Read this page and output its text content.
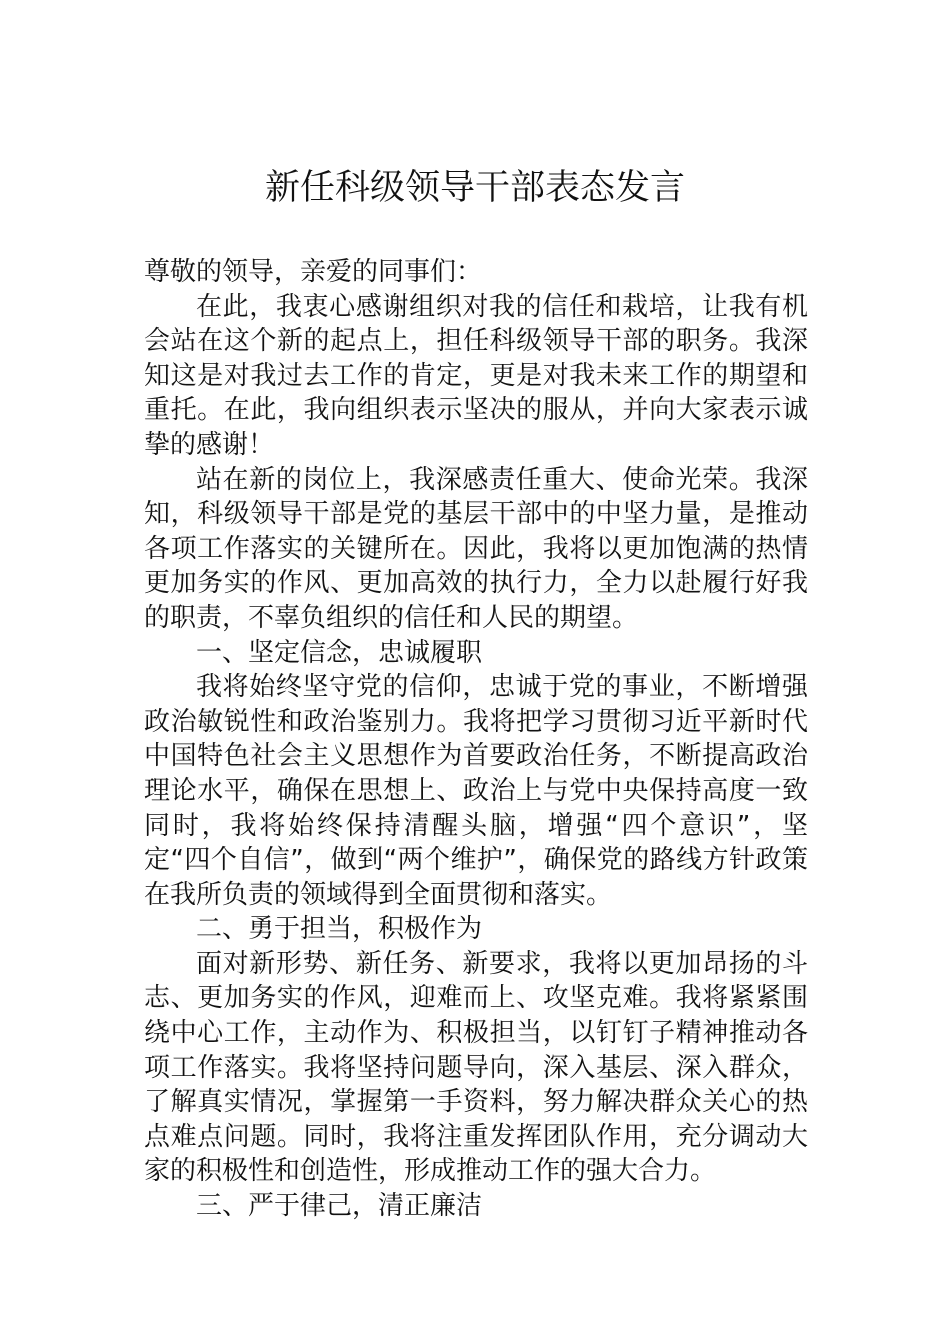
新任科级领导干部表态发言

尊敬的领导，亲爱的同事们：

在此，我衷心感谢组织对我的信任和栽培，让我有机会站在这个新的起点上，担任科级领导干部的职务。我深知这是对我过去工作的肯定，更是对我未来工作的期望和重托。在此，我向组织表示坚决的服从，并向大家表示诚挚的感谢！

站在新的岗位上，我深感责任重大、使命光荣。我深知，科级领导干部是党的基层干部中的中坚力量，是推动各项工作落实的关键所在。因此，我将以更加饱满的热情更加务实的作风、更加高效的执行力，全力以赴履行好我的职责，不辜负组织的信任和人民的期望。

一、坚定信念，忠诚履职

我将始终坚守党的信仰，忠诚于党的事业，不断增强政治敏锐性和政治鉴别力。我将把学习贯彻习近平新时代中国特色社会主义思想作为首要政治任务，不断提高政治理论水平，确保在思想上、政治上与党中央保持高度一致同时，我将始终保持清醒头脑，增强“四个意识”，坚定“四个自信”，做到“两个维护”，确保党的路线方针政策在我所负责的领域得到全面贯彻和落实。

二、勇于担当，积极作为

面对新形势、新任务、新要求，我将以更加昂扬的斗志、更加务实的作风，迎难而上、攻坚克难。我将紧紧围绕中心工作，主动作为、积极担当，以钉钉子精神推动各项工作落实。我将坚持问题导向，深入基层、深入群众，了解真实情况，掌握第一手资料，努力解决群众关心的热点难点问题。同时，我将注重发挥团队作用，充分调动大家的积极性和创造性，形成推动工作的强大合力。

三、严于律己，清正廉洁
